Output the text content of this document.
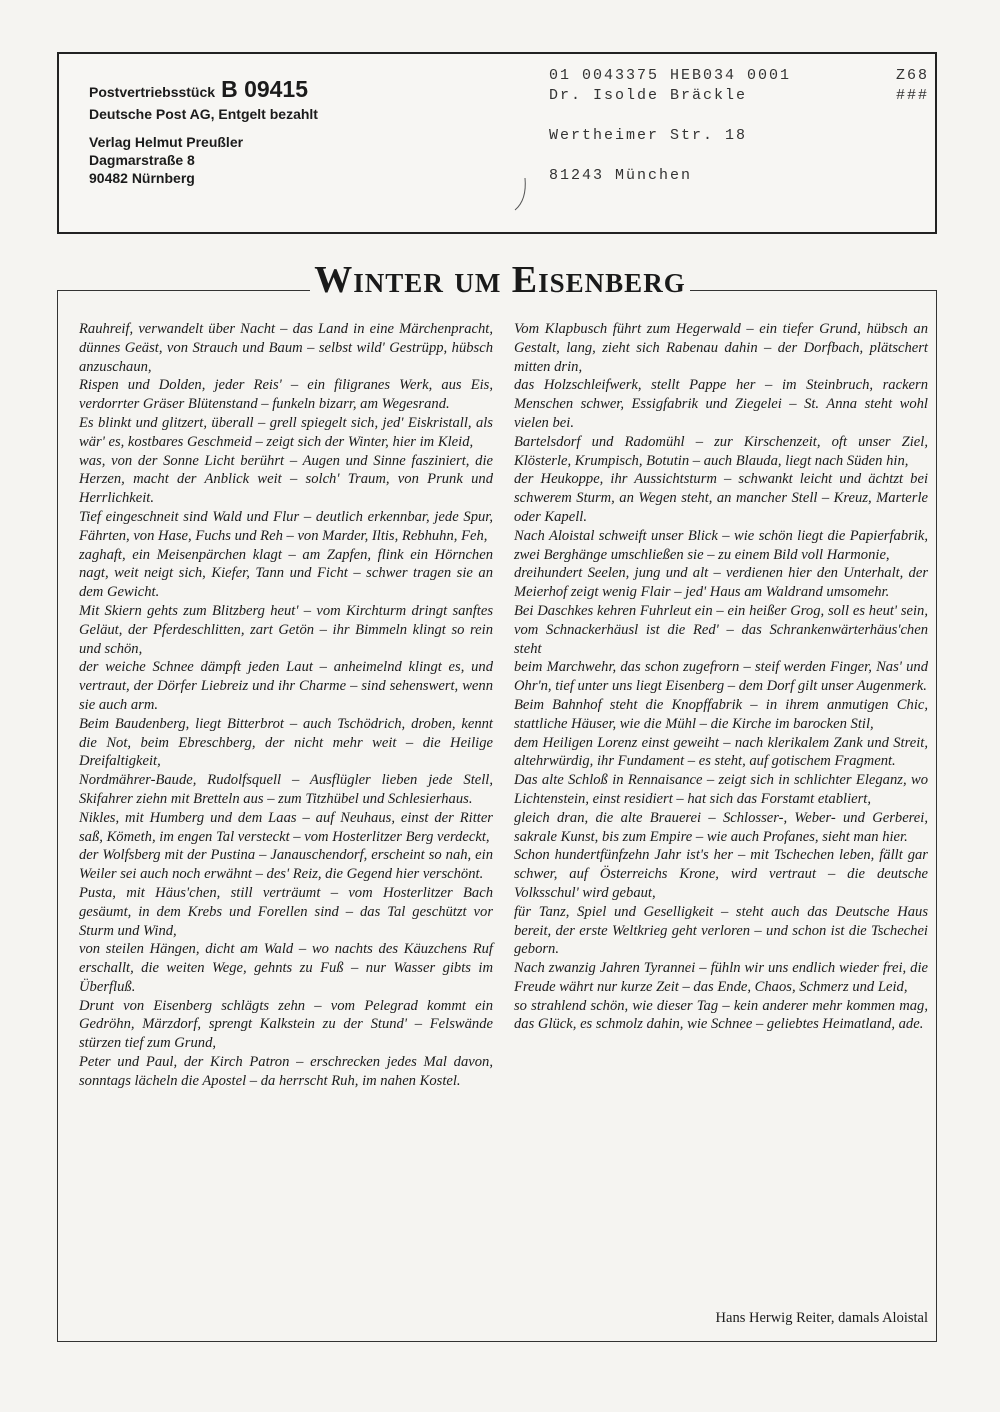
Postvertriebsstück B 09415
Deutsche Post AG, Entgelt bezahlt
Verlag Helmut Preußler
Dagmarstraße 8
90482 Nürnberg
01 0043375 HEB034 0001	Z68
Dr. Isolde Bräckle	###
Wertheimer Str. 18
81243 München
Winter um Eisenberg
Rauhreif, verwandelt über Nacht – das Land in eine Märchenpracht, dünnes Geäst, von Strauch und Baum – selbst wild' Gestrüpp, hübsch anzuschaun,
Rispen und Dolden, jeder Reis' – ein filigranes Werk, aus Eis, verdorrter Gräser Blütenstand – funkeln bizarr, am Wegesrand.
Es blinkt und glitzert, überall – grell spiegelt sich, jed' Eiskristall, als wär' es, kostbares Geschmeid – zeigt sich der Winter, hier im Kleid,
was, von der Sonne Licht berührt – Augen und Sinne fasziniert, die Herzen, macht der Anblick weit – solch' Traum, von Prunk und Herrlichkeit.
Tief eingeschneit sind Wald und Flur – deutlich erkennbar, jede Spur, Fährten, von Hase, Fuchs und Reh – von Marder, Iltis, Rebhuhn, Feh,
zaghaft, ein Meisenpärchen klagt – am Zapfen, flink ein Hörnchen nagt, weit neigt sich, Kiefer, Tann und Ficht – schwer tragen sie an dem Gewicht.
Mit Skiern gehts zum Blitzberg heut' – vom Kirchturm dringt sanftes Geläut, der Pferdeschlitten, zart Getön – ihr Bimmeln klingt so rein und schön,
der weiche Schnee dämpft jeden Laut – anheimelnd klingt es, und vertraut, der Dörfer Liebreiz und ihr Charme – sind sehenswert, wenn sie auch arm.
Beim Baudenberg, liegt Bitterbrot – auch Tschödrich, droben, kennt die Not, beim Ebreschberg, der nicht mehr weit – die Heilige Dreifaltigkeit,
Nordmährer-Baude, Rudolfsquell – Ausflügler lieben jede Stell, Skifahrer ziehn mit Bretteln aus – zum Titzhübel und Schlesierhaus.
Nikles, mit Humberg und dem Laas – auf Neuhaus, einst der Ritter saß, Kömeth, im engen Tal versteckt – vom Hosterlitzer Berg verdeckt,
der Wolfsberg mit der Pustina – Janauschendorf, erscheint so nah, ein Weiler sei auch noch erwähnt – des' Reiz, die Gegend hier verschönt.
Pusta, mit Häus'chen, still verträumt – vom Hosterlitzer Bach gesäumt, in dem Krebs und Forellen sind – das Tal geschützt vor Sturm und Wind,
von steilen Hängen, dicht am Wald – wo nachts des Käuzchens Ruf erschallt, die weiten Wege, gehnts zu Fuß – nur Wasser gibts im Überfluß.
Drunt von Eisenberg schlägts zehn – vom Pelegrad kommt ein Gedröhn, Märzdorf, sprengt Kalkstein zu der Stund' – Felswände stürzen tief zum Grund,
Peter und Paul, der Kirch Patron – erschrecken jedes Mal davon, sonntags lächeln die Apostel – da herrscht Ruh, im nahen Kostel.
Vom Klapbusch führt zum Hegerwald – ein tiefer Grund, hübsch an Gestalt, lang, zieht sich Rabenau dahin – der Dorfbach, plätschert mitten drin,
das Holzschleifwerk, stellt Pappe her – im Steinbruch, rackern Menschen schwer, Essigfabrik und Ziegelei – St. Anna steht wohl vielen bei.
Bartelsdorf und Radomühl – zur Kirschenzeit, oft unser Ziel, Klösterle, Krumpisch, Botutin – auch Blauda, liegt nach Süden hin,
der Heukoppe, ihr Aussichtsturm – schwankt leicht und ächtzt bei schwerem Sturm, an Wegen steht, an mancher Stell – Kreuz, Marterle oder Kapell.
Nach Aloistal schweift unser Blick – wie schön liegt die Papierfabrik, zwei Berghänge umschließen sie – zu einem Bild voll Harmonie,
dreihundert Seelen, jung und alt – verdienen hier den Unterhalt, der Meierhof zeigt wenig Flair – jed' Haus am Waldrand umsomehr.
Bei Daschkes kehren Fuhrleut ein – ein heißer Grog, soll es heut' sein, vom Schnackerhäusl ist die Red' – das Schrankenwärterhäus'chen steht
beim Marchwehr, das schon zugefrorn – steif werden Finger, Nas' und Ohr'n, tief unter uns liegt Eisenberg – dem Dorf gilt unser Augenmerk.
Beim Bahnhof steht die Knopffabrik – in ihrem anmutigen Chic, stattliche Häuser, wie die Mühl – die Kirche im barocken Stil,
dem Heiligen Lorenz einst geweiht – nach klerikalem Zank und Streit, altehrwürdig, ihr Fundament – es steht, auf gotischem Fragment.
Das alte Schloß in Rennaisance – zeigt sich in schlichter Eleganz, wo Lichtenstein, einst residiert – hat sich das Forstamt etabliert,
gleich dran, die alte Brauerei – Schlosser-, Weber- und Gerberei, sakrale Kunst, bis zum Empire – wie auch Profanes, sieht man hier.
Schon hundertfünfzehn Jahr ist's her – mit Tschechen leben, fällt gar schwer, auf Österreichs Krone, wird vertraut – die deutsche Volksschul' wird gebaut,
für Tanz, Spiel und Geselligkeit – steht auch das Deutsche Haus bereit, der erste Weltkrieg geht verloren – und schon ist die Tschechei geborn.
Nach zwanzig Jahren Tyrannei – fühln wir uns endlich wieder frei, die Freude währt nur kurze Zeit – das Ende, Chaos, Schmerz und Leid,
so strahlend schön, wie dieser Tag – kein anderer mehr kommen mag, das Glück, es schmolz dahin, wie Schnee – geliebtes Heimatland, ade.
Hans Herwig Reiter, damals Aloistal
